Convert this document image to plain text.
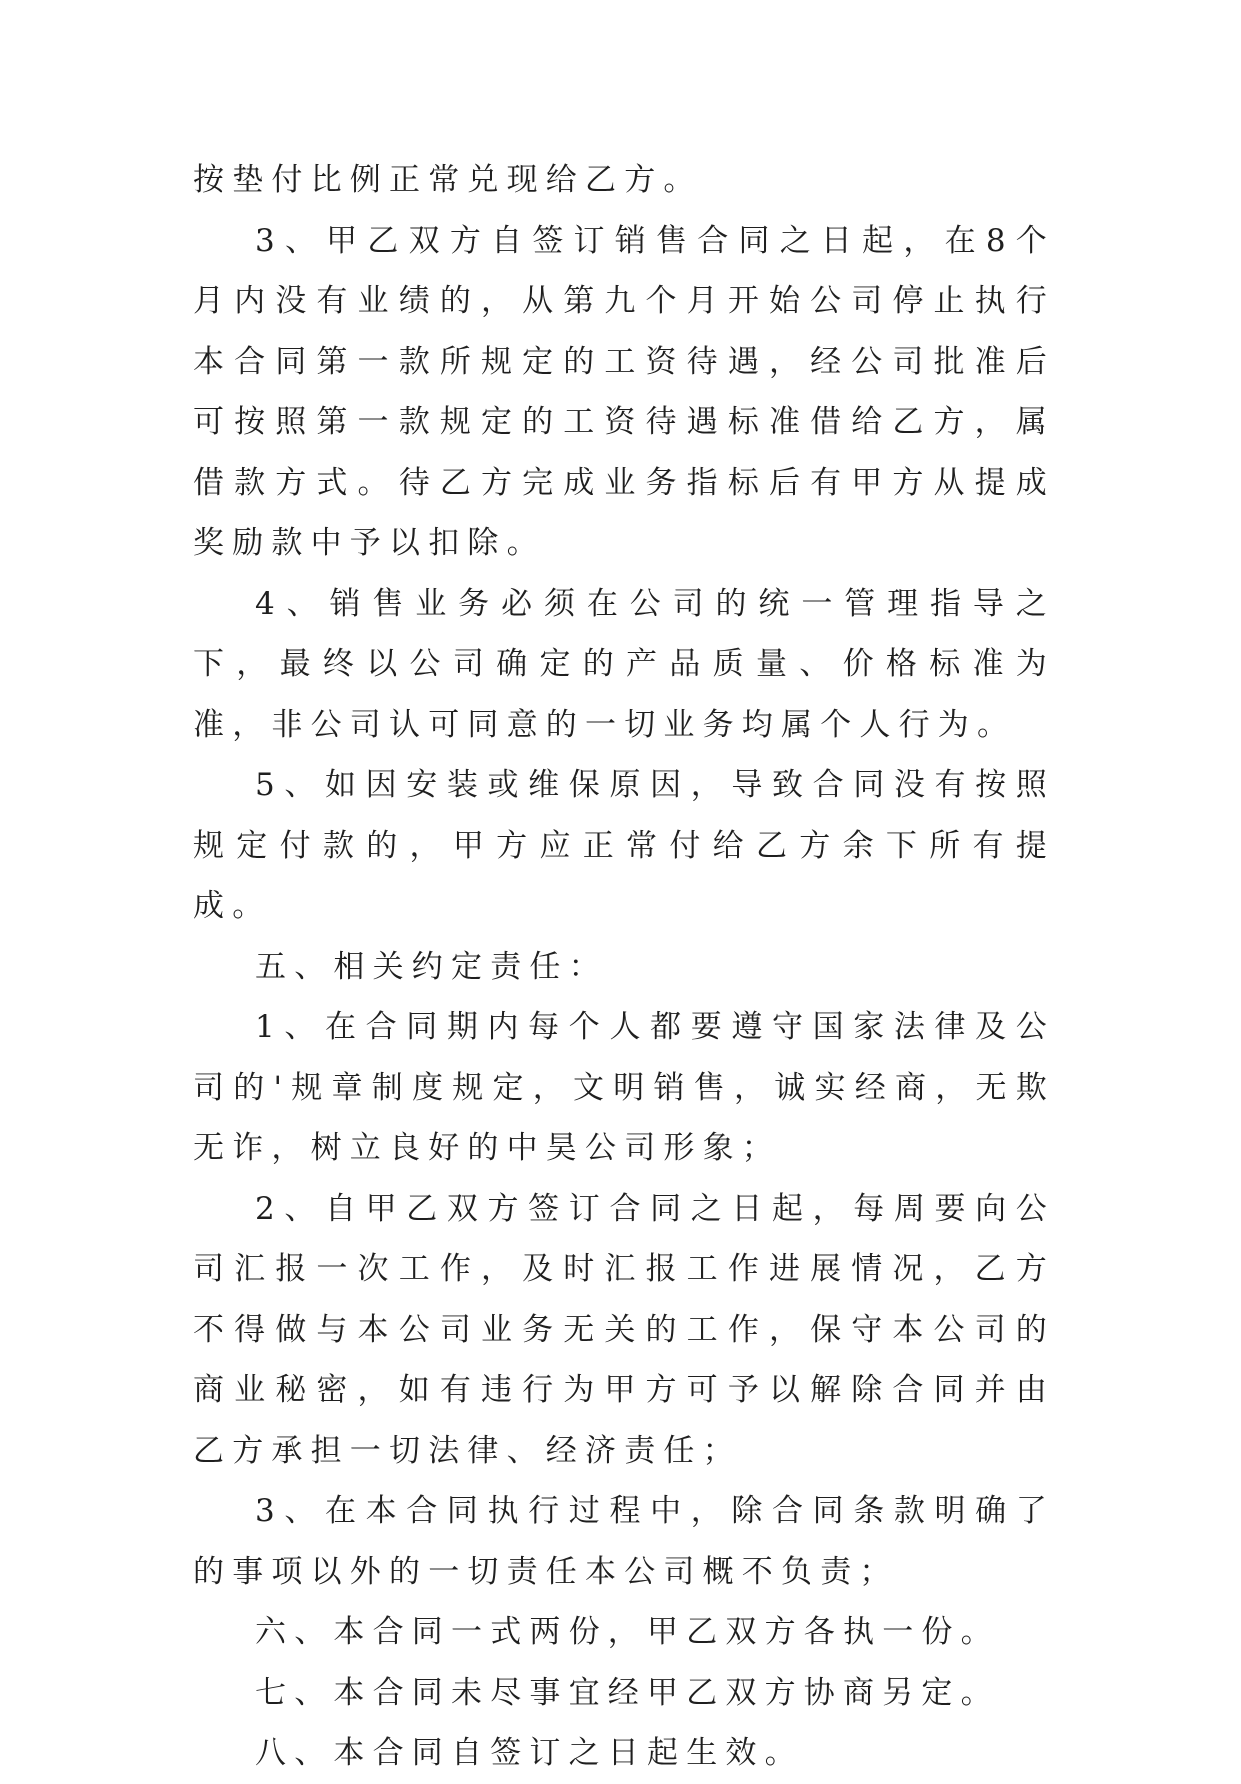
按垫付比例正常兑现给乙方。

3、甲乙双方自签订销售合同之日起，在8个月内没有业绩的，从第九个月开始公司停止执行本合同第一款所规定的工资待遇，经公司批准后可按照第一款规定的工资待遇标准借给乙方，属借款方式。待乙方完成业务指标后有甲方从提成奖励款中予以扣除。

4、销售业务必须在公司的统一管理指导之下，最终以公司确定的产品质量、价格标准为准，非公司认可同意的一切业务均属个人行为。

5、如因安装或维保原因，导致合同没有按照规定付款的，甲方应正常付给乙方余下所有提成。

五、相关约定责任：

1、在合同期内每个人都要遵守国家法律及公司的'规章制度规定，文明销售，诚实经商，无欺无诈，树立良好的中昊公司形象；

2、自甲乙双方签订合同之日起，每周要向公司汇报一次工作，及时汇报工作进展情况，乙方不得做与本公司业务无关的工作，保守本公司的商业秘密，如有违行为甲方可予以解除合同并由乙方承担一切法律、经济责任；

3、在本合同执行过程中，除合同条款明确了的事项以外的一切责任本公司概不负责；

六、本合同一式两份，甲乙双方各执一份。

七、本合同未尽事宜经甲乙双方协商另定。

八、本合同自签订之日起生效。
